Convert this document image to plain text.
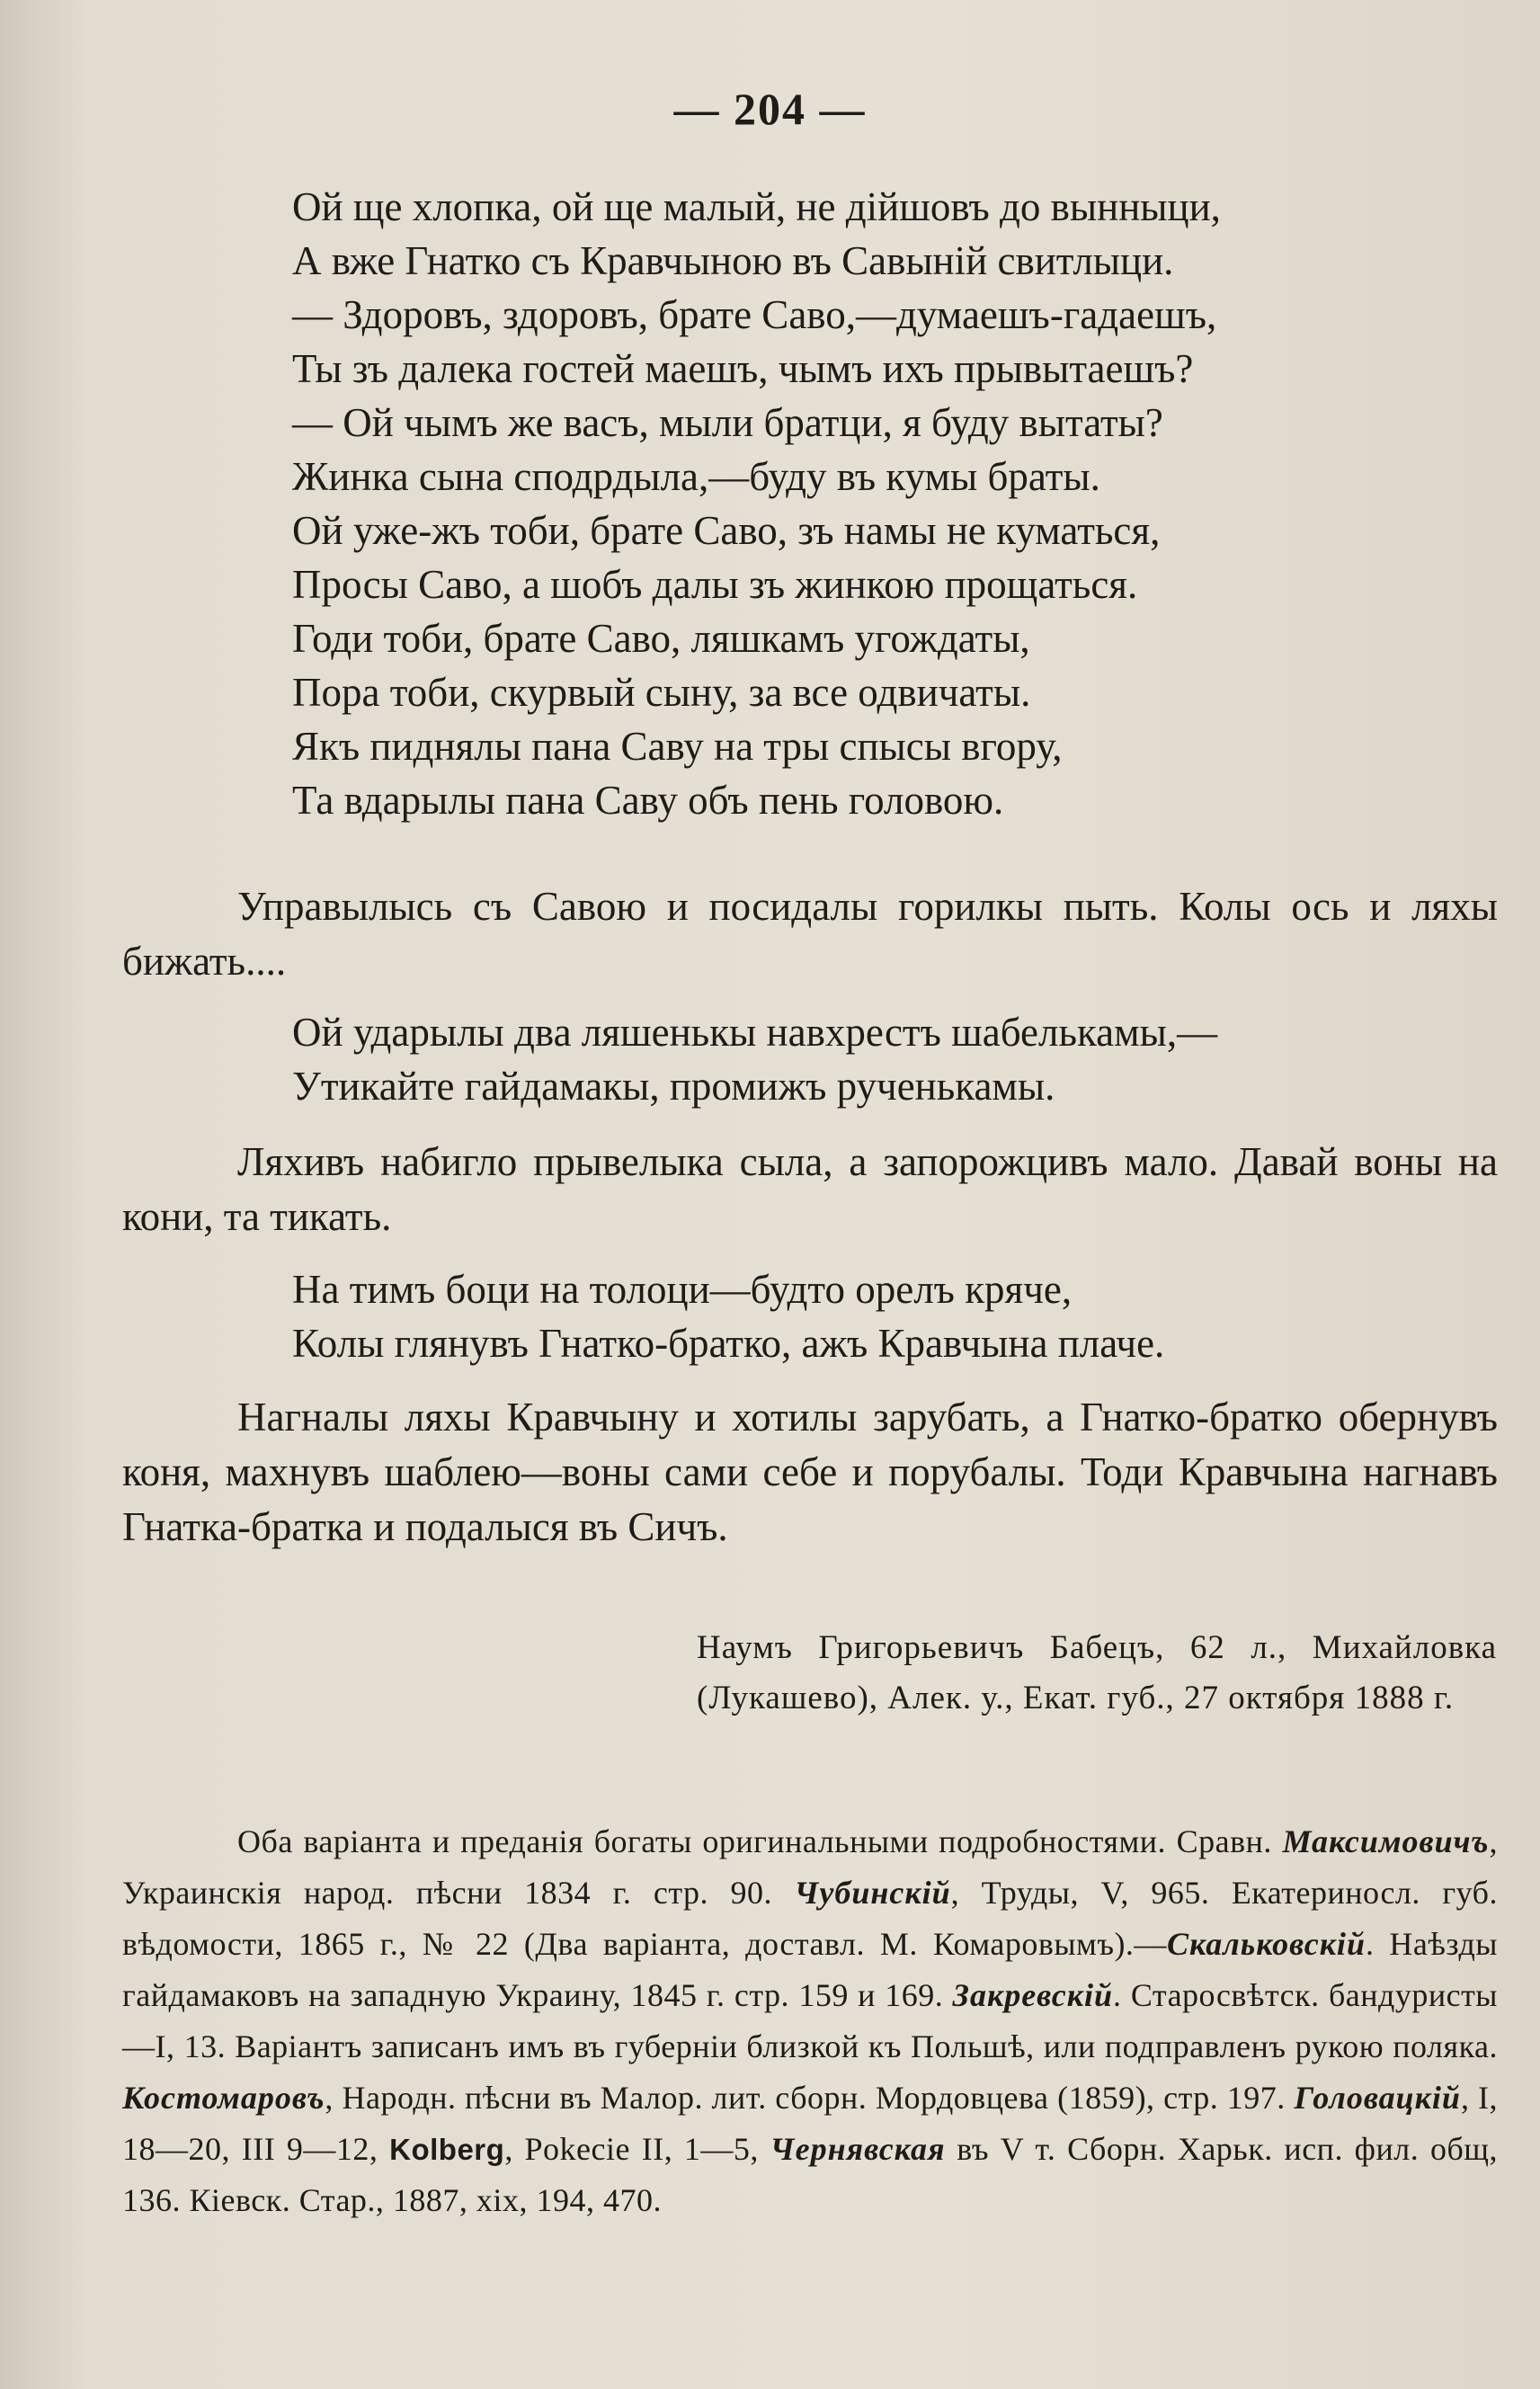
— 204 —
Ой ще хлопка, ой ще малый, не дiйшовъ до вынныци,
А вже Гнатко съ Кравчыною въ Савынiй свитлыци.
— Здоровъ, здоровъ, брате Саво,—думаешъ-гадаешъ,
Ты зъ далека гостей маешъ, чымъ ихъ прывытаешъ?
— Ой чымъ же васъ, мыли братци, я буду вытаты?
Жинка сына сподрдыла,—буду въ кумы браты.
Ой уже-жъ тоби, брате Саво, зъ намы не куматься,
Просы Саво, а шобъ далы зъ жинкою прощаться.
Годи тоби, брате Саво, ляшкамъ угождаты,
Пора тоби, скурвый сыну, за все одвичаты.
Якъ пиднялы пана Саву на тры спысы вгору,
Та вдарылы пана Саву объ пень головою.
Управылысь съ Савою и посидалы горилкы пыть. Колы ось и ляхы бижать....
Ой ударылы два ляшенькы навхрестъ шабелькамы,—
Утикайте гайдамакы, промижъ рученькамы.
Ляхивъ набигло прывелыка сыла, а запорожцивъ мало. Давай воны на кони, та тикать.
На тимъ боци на толоци—будто орелъ кряче,
Колы глянувъ Гнатко-братко, ажъ Кравчына плаче.
Нагналы ляхы Кравчыну и хотилы зарубать, а Гнатко-братко обернувъ коня, махнувъ шаблею—воны сами себе и порубалы. Тоди Кравчына нагнавъ Гнатка-братка и подалыся въ Сичъ.
Наумъ Григорьевичъ Бабецъ, 62 л., Михайловка (Лукашево), Алек. у., Екат. губ., 27 октября 1888 г.
Оба варiанта и преданiя богаты оригинальными подробностями. Сравн. Максимовичъ, Украинскiя народ. пѣсни 1834 г. стр. 90. Чубинскiй, Труды, V, 965. Екатериносл. губ. вѣдомости, 1865 г., № 22 (Два варiанта, доставл. М. Комаровымъ).—Скальковскiй. Наѣзды гайдамаковъ на западную Украину, 1845 г. стр. 159 и 169. Закревскiй. Старосвѣтск. бандуристы—I, 13. Варiантъ записанъ имъ въ губернiи близкой къ Польшѣ, или подправленъ рукою поляка. Костомаровъ, Народн. пѣсни въ Малор. лит. сборн. Мордовцева (1859), стр. 197. Головацкiй, I, 18—20, III 9—12, Kolberg, Pokecie II, 1—5, Чернявская въ V т. Сборн. Харьк. исп. фил. общ, 136. Кiевск. Стар., 1887, xix, 194, 470.
